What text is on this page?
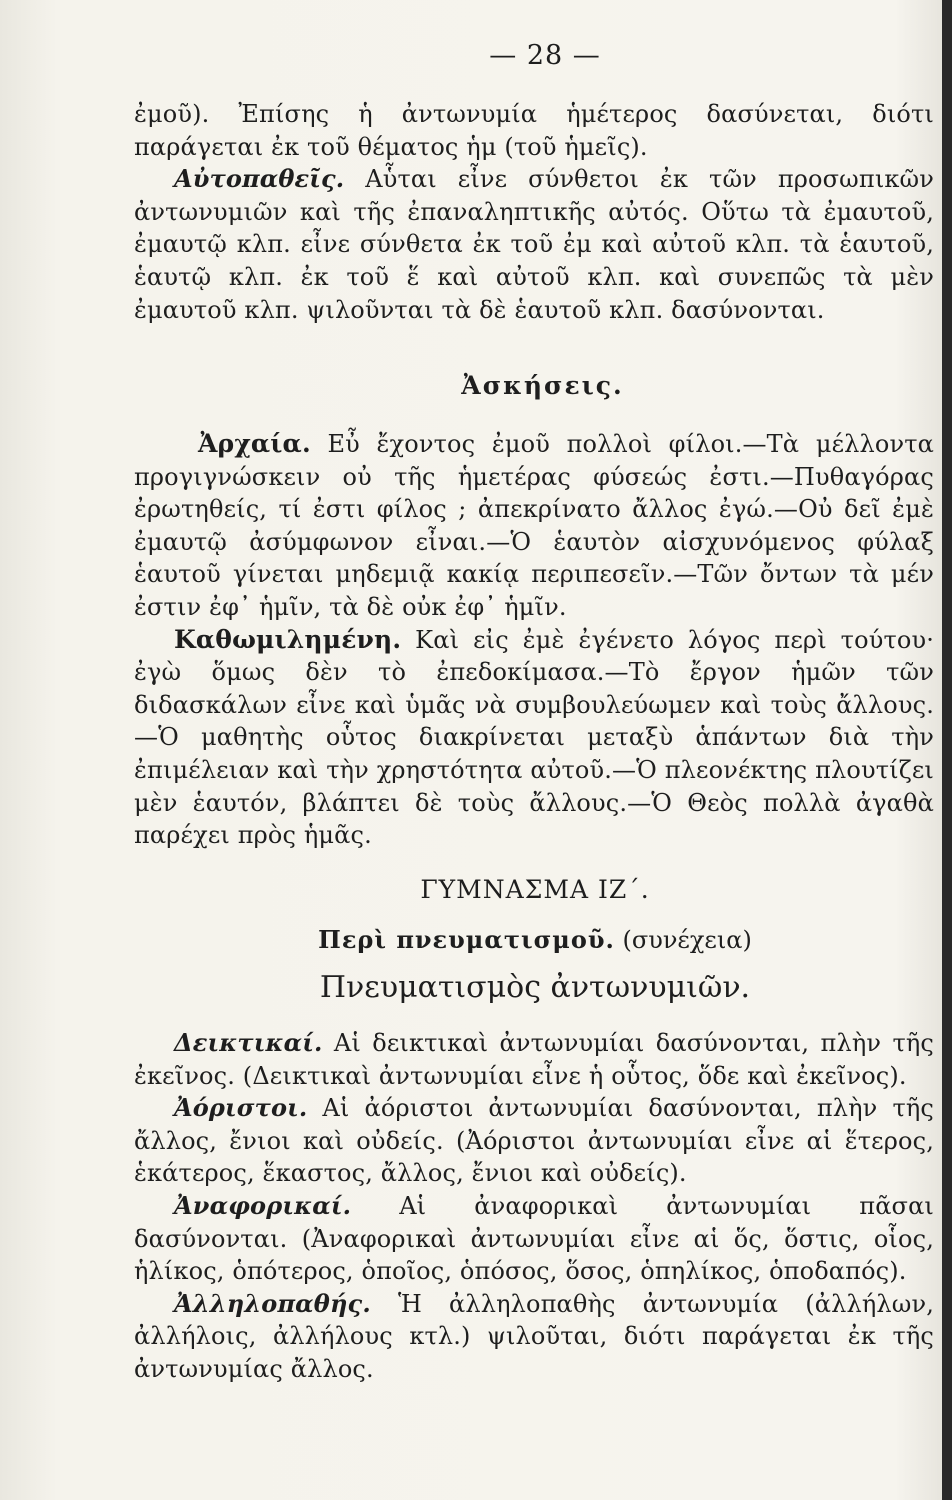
— 28 —

ἐμοῦ). Ἐπίσης ἡ ἀντωνυμία ἡμέτερος δασύνεται, διότι παράγεται ἐκ τοῦ θέματος ἡμ (τοῦ ἡμεῖς).

Αὐτοπαθεῖς. Αὗται εἶνε σύνθετοι ἐκ τῶν προσωπικῶν ἀντωνυμιῶν καὶ τῆς ἐπαναληπτικῆς αὐτός. Οὕτω τὰ ἐμαυτοῦ, ἐμαυτῷ κλπ. εἶνε σύνθετα ἐκ τοῦ ἐμ καὶ αὐτοῦ κλπ. τὰ ἑαυτοῦ, ἑαυτῷ κλπ. ἐκ τοῦ ἕ καὶ αὐτοῦ κλπ. καὶ συνεπῶς τὰ μὲν ἐμαυτοῦ κλπ. ψιλοῦνται τὰ δὲ ἑαυτοῦ κλπ. δασύνονται.

Ἀσκήσεις.

Ἀρχαία. Εὖ ἔχοντος ἐμοῦ πολλοὶ φίλοι.—Τὰ μέλλοντα προγιγνώσκειν οὐ τῆς ἡμετέρας φύσεώς ἐστι.—Πυθαγόρας ἐρωτηθείς, τί ἐστι φίλος ; ἀπεκρίνατο ἄλλος ἐγώ.—Οὐ δεῖ ἐμὲ ἐμαυτῷ ἀσύμφωνον εἶναι.—Ὁ ἑαυτὸν αἰσχυνόμενος φύλαξ ἑαυτοῦ γίνεται μηδεμιᾷ κακίᾳ περιπεσεῖν.—Τῶν ὄντων τὰ μέν ἐστιν ἐφ᾽ ἡμῖν, τὰ δὲ οὐκ ἐφ᾽ ἡμῖν.

Καθωμιλημένη. Καὶ εἰς ἐμὲ ἐγένετο λόγος περὶ τούτου· ἐγὼ ὅμως δὲν τὸ ἐπεδοκίμασα.—Τὸ ἔργον ἡμῶν τῶν διδασκάλων εἶνε καὶ ὑμᾶς νὰ συμβουλεύωμεν καὶ τοὺς ἄλλους.—Ὁ μαθητὴς οὗτος διακρίνεται μεταξὺ ἁπάντων διὰ τὴν ἐπιμέλειαν καὶ τὴν χρηστότητα αὐτοῦ.—Ὁ πλεονέκτης πλουτίζει μὲν ἑαυτόν, βλάπτει δὲ τοὺς ἄλλους.—Ὁ Θεὸς πολλὰ ἀγαθὰ παρέχει πρὸς ἡμᾶς.

ΓΥΜΝΑΣΜΑ ΙΖ΄.
Περὶ πνευματισμοῦ. (συνέχεια)
Πνευματισμὸς ἀντωνυμιῶν.

Δεικτικαί. Αἱ δεικτικαὶ ἀντωνυμίαι δασύνονται, πλὴν τῆς ἐκεῖνος. (Δεικτικαὶ ἀντωνυμίαι εἶνε ἡ οὗτος, ὅδε καὶ ἐκεῖνος).

Ἀόριστοι. Αἱ ἀόριστοι ἀντωνυμίαι δασύνονται, πλὴν τῆς ἄλλος, ἔνιοι καὶ οὐδείς. (Ἀόριστοι ἀντωνυμίαι εἶνε αἱ ἕτερος, ἑκάτερος, ἕκαστος, ἄλλος, ἔνιοι καὶ οὐδείς).

Ἀναφορικαί. Αἱ ἀναφορικαὶ ἀντωνυμίαι πᾶσαι δασύνονται. (Ἀναφορικαὶ ἀντωνυμίαι εἶνε αἱ ὅς, ὅστις, οἷος, ἡλίκος, ὁπότερος, ὁποῖος, ὁπόσος, ὅσος, ὁπηλίκος, ὁποδαπός).

Ἀλληλοπαθής. Ἡ ἀλληλοπαθὴς ἀντωνυμία (ἀλλήλων, ἀλλήλοις, ἀλλήλους κτλ.) ψιλοῦται, διότι παράγεται ἐκ τῆς ἀντωνυμίας ἄλλος.
